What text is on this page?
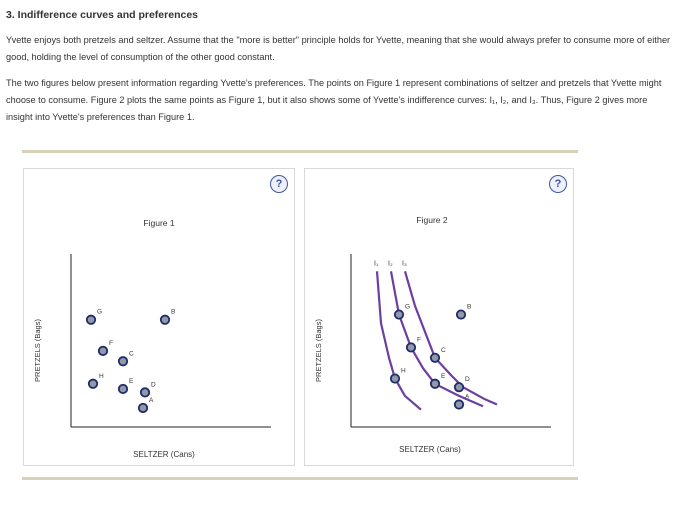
3. Indifference curves and preferences
Yvette enjoys both pretzels and seltzer. Assume that the "more is better" principle holds for Yvette, meaning that she would always prefer to consume more of either good, holding the level of consumption of the other good constant.
The two figures below present information regarding Yvette's preferences. The points on Figure 1 represent combinations of seltzer and pretzels that Yvette might choose to consume. Figure 2 plots the same points as Figure 1, but it also shows some of Yvette's indifference curves: I₁, I₂, and I₃. Thus, Figure 2 gives more insight into Yvette's preferences than Figure 1.
Figure 1
SELTZER (Cans)
PRETZELS (Bags)
G	B
F
C
H
E	D
A
?
Figure 2
SELTZER (Cans)
PRETZELS (Bags)
I₁ I₂ I₃
G	B
F
C
H
E	D
A
?
